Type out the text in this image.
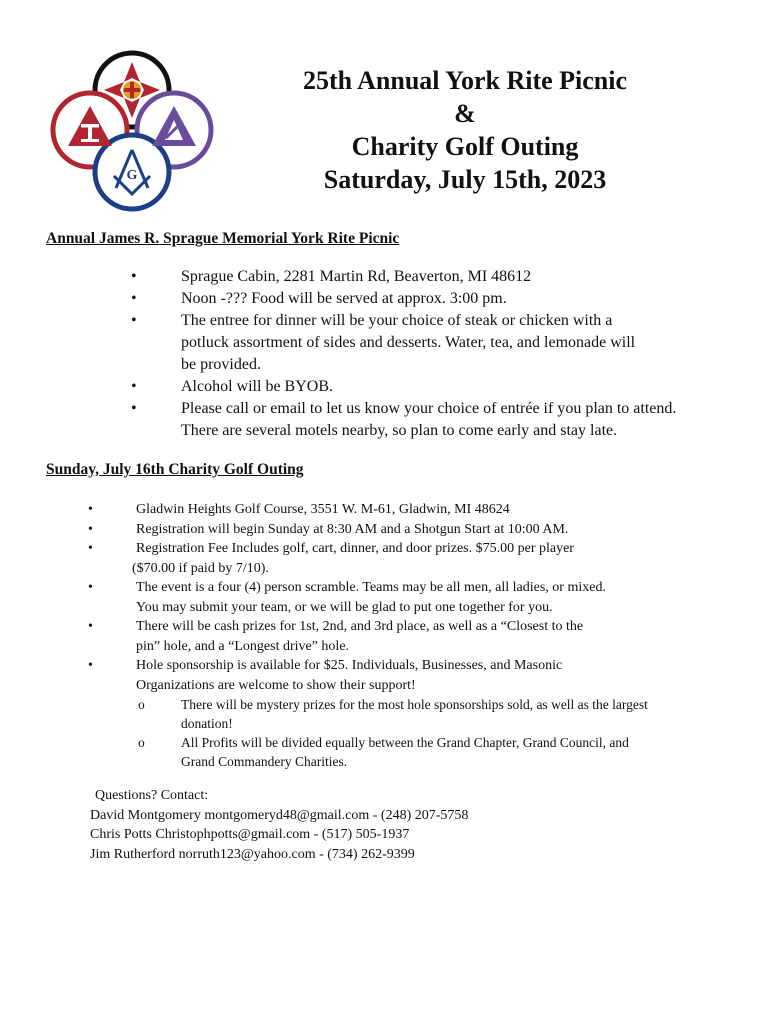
G
25th Annual York Rite Picnic
&
Charity Golf Outing
Saturday, July 15th, 2023
Annual James R. Sprague Memorial York Rite Picnic
•	Sprague Cabin, 2281 Martin Rd, Beaverton, MI 48612
•	Noon -??? Food will be served at approx. 3:00 pm.
•	The entree for dinner will be your choice of steak or chicken with a potluck assortment of sides and desserts. Water, tea, and lemonade will be provided.
•	Alcohol will be BYOB.
•	Please call or email to let us know your choice of entrée if you plan to attend. There are several motels nearby, so plan to come early and stay late.
Sunday, July 16th Charity Golf Outing
•	Gladwin Heights Golf Course, 3551 W. M-61, Gladwin, MI 48624
•	Registration will begin Sunday at 8:30 AM and a Shotgun Start at 10:00 AM.
•	Registration Fee Includes golf, cart, dinner, and door prizes. $75.00 per player
($70.00 if paid by 7/10).
•	The event is a four (4) person scramble. Teams may be all men, all ladies, or mixed.
You may submit your team, or we will be glad to put one together for you.
•	There will be cash prizes for 1st, 2nd, and 3rd place, as well as a “Closest to the
pin” hole, and a “Longest drive” hole.
•	Hole sponsorship is available for $25. Individuals, Businesses, and Masonic
Organizations are welcome to show their support!
o	There will be mystery prizes for the most hole sponsorships sold, as well as the largest donation!
o	All Profits will be divided equally between the Grand Chapter, Grand Council, and Grand Commandery Charities.
Questions? Contact:
David Montgomery montgomeryd48@gmail.com - (248) 207-5758
Chris Potts Christophpotts@gmail.com - (517) 505-1937
Jim Rutherford norruth123@yahoo.com - (734) 262-9399
